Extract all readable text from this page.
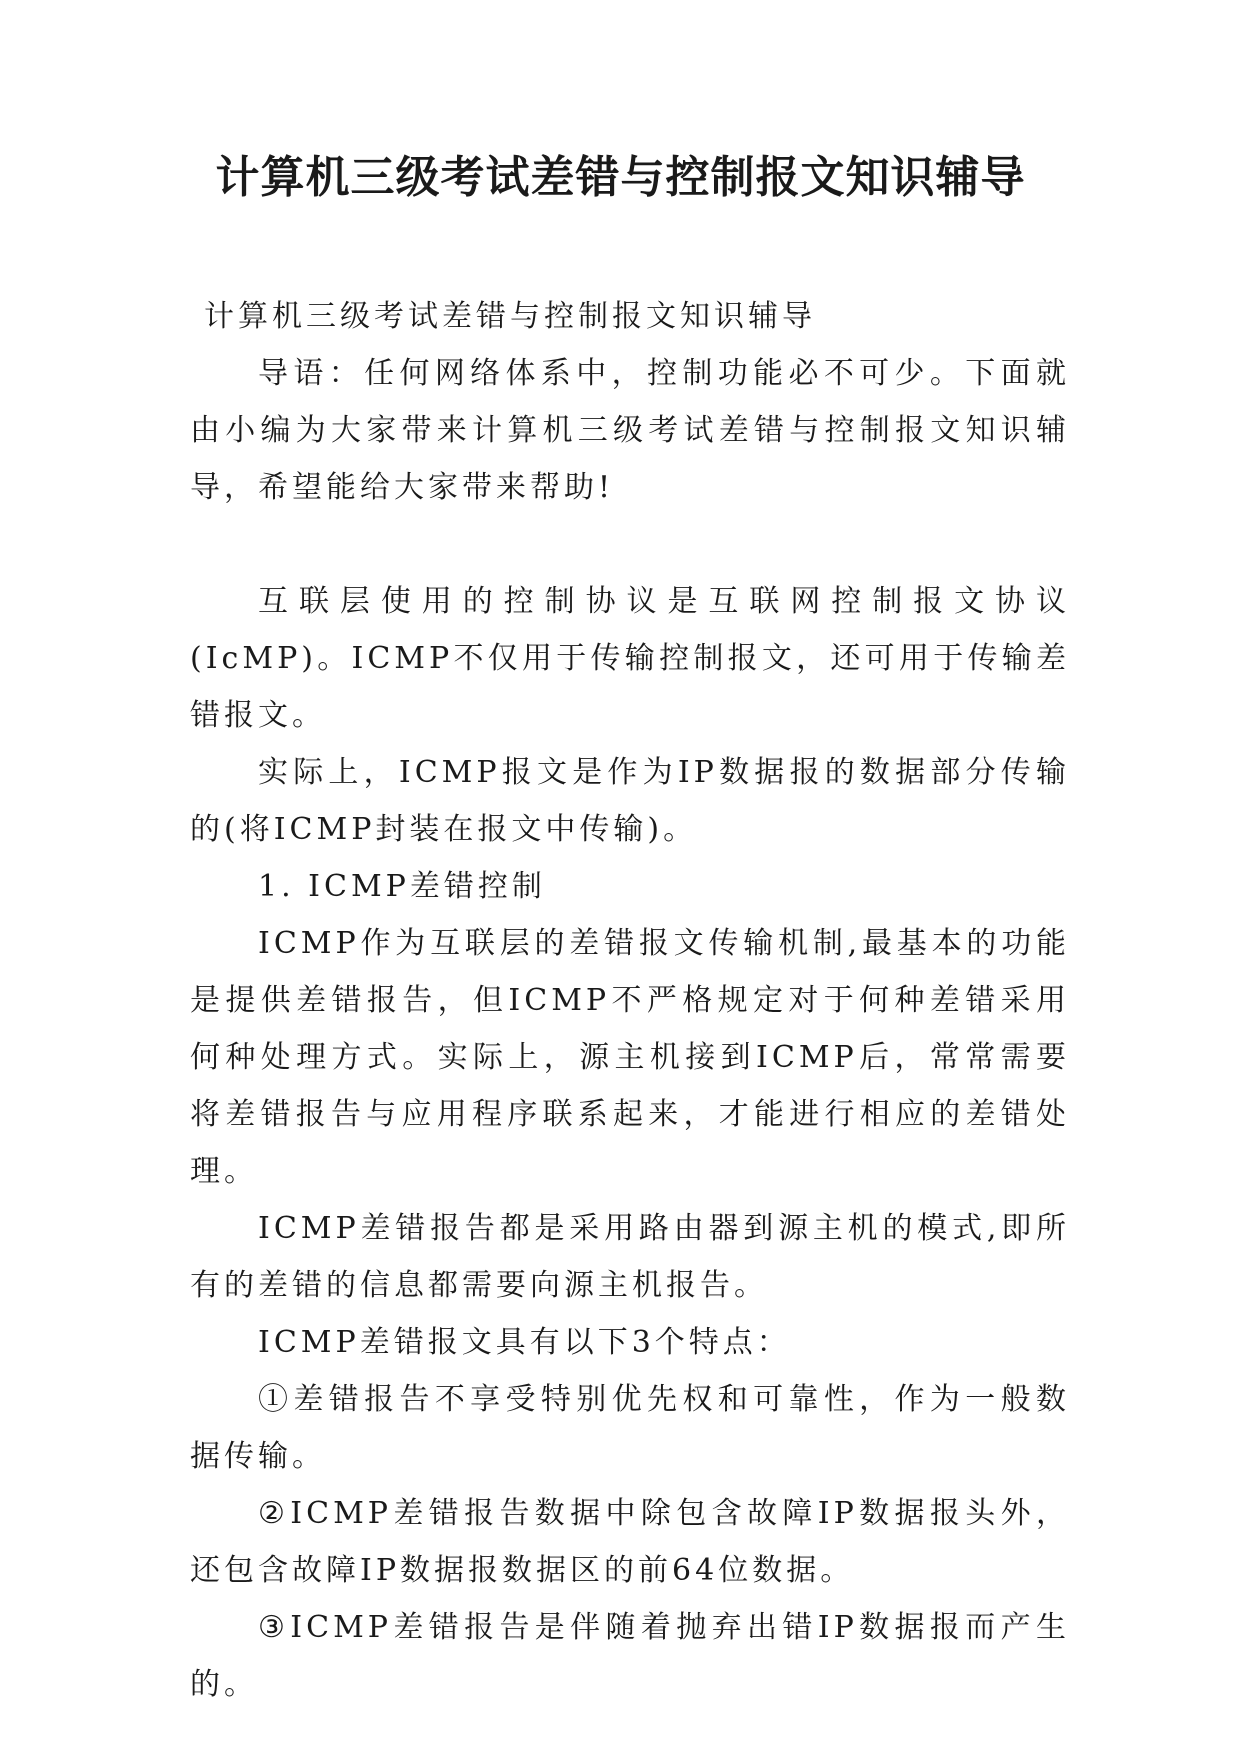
计算机三级考试差错与控制报文知识辅导

计算机三级考试差错与控制报文知识辅导

导语：任何网络体系中，控制功能必不可少。下面就由小编为大家带来计算机三级考试差错与控制报文知识辅导，希望能给大家带来帮助!

互联层使用的控制协议是互联网控制报文协议(IcMP)。ICMP不仅用于传输控制报文，还可用于传输差错报文。

实际上，ICMP报文是作为IP数据报的数据部分传输的(将ICMP封装在报文中传输)。

1. ICMP差错控制

ICMP作为互联层的差错报文传输机制,最基本的功能是提供差错报告，但ICMP不严格规定对于何种差错采用何种处理方式。实际上，源主机接到ICMP后，常常需要将差错报告与应用程序联系起来，才能进行相应的差错处理。

ICMP差错报告都是采用路由器到源主机的模式,即所有的差错的信息都需要向源主机报告。

ICMP差错报文具有以下3个特点：

①差错报告不享受特别优先权和可靠性，作为一般数据传输。

②ICMP差错报告数据中除包含故障IP数据报头外，还包含故障IP数据报数据区的前64位数据。

③ICMP差错报告是伴随着抛弃出错IP数据报而产生的。
